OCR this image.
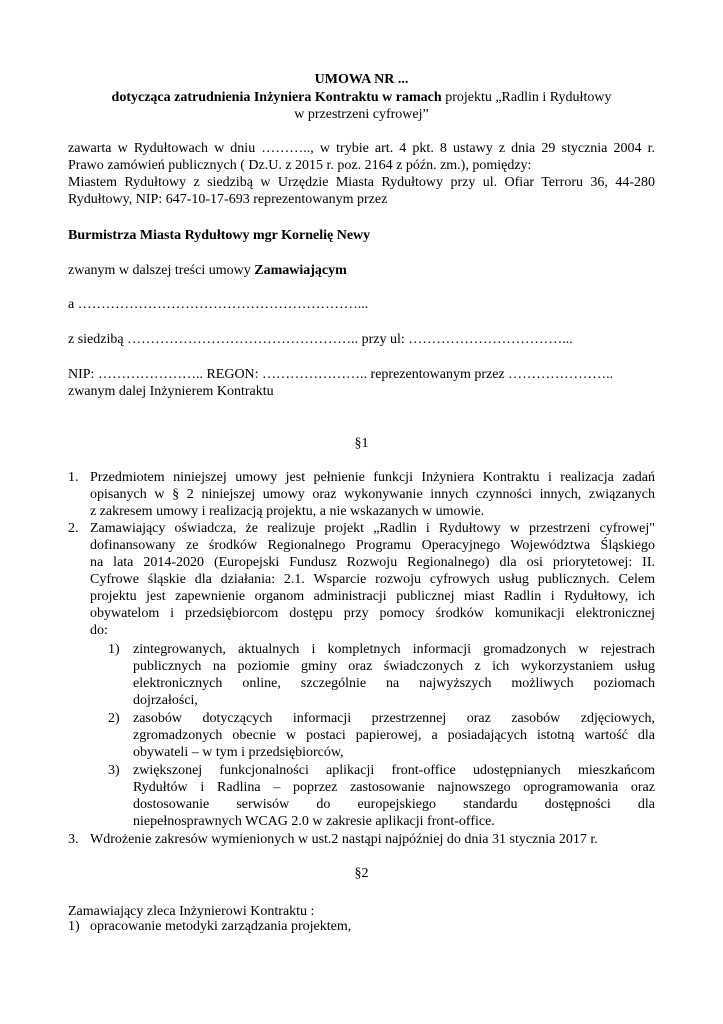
UMOWA NR ...
dotycząca zatrudnienia Inżyniera Kontraktu w ramach projektu „Radlin i Rydułtowy
w przestrzeni cyfrowej”
zawarta w Rydułtowach w dniu ……….., w trybie art. 4 pkt. 8 ustawy z dnia 29 stycznia 2004 r.
Prawo zamówień publicznych ( Dz.U. z 2015 r. poz. 2164 z późn. zm.), pomiędzy:
Miastem Rydułtowy z siedzibą w Urzędzie Miasta Rydułtowy przy ul. Ofiar Terroru 36, 44-280
Rydułtowy, NIP: 647-10-17-693 reprezentowanym przez
Burmistrza Miasta Rydułtowy mgr Kornelię Newy
zwanym w dalszej treści umowy Zamawiającym
a ……………………………………………………...
z siedzibą ………………………………………….. przy ul: ……………………………...
NIP: ………………….. REGON: ………………….. reprezentowanym przez …………………..
zwanym dalej Inżynierem Kontraktu
§1
1. Przedmiotem niniejszej umowy jest pełnienie funkcji Inżyniera Kontraktu i realizacja zadań
opisanych w § 2 niniejszej umowy oraz wykonywanie innych czynności innych, związanych
z zakresem umowy i realizacją projektu, a nie wskazanych w umowie.
2. Zamawiający oświadcza, że realizuje projekt „Radlin i Rydułtowy w przestrzeni cyfrowej"
dofinansowany ze środków Regionalnego Programu Operacyjnego Województwa Śląskiego
na lata 2014-2020 (Europejski Fundusz Rozwoju Regionalnego) dla osi priorytetowej: II.
Cyfrowe śląskie dla działania: 2.1. Wsparcie rozwoju cyfrowych usług publicznych. Celem
projektu jest zapewnienie organom administracji publicznej miast Radlin i Rydułtowy, ich
obywatelom i przedsiębiorcom dostępu przy pomocy środków komunikacji elektronicznej
do:
1) zintegrowanych, aktualnych i kompletnych informacji gromadzonych w rejestrach
publicznych na poziomie gminy oraz świadczonych z ich wykorzystaniem usług
elektronicznych online, szczególnie na najwyższych możliwych poziomach
dojrzałości,
2) zasobów dotyczących informacji przestrzennej oraz zasobów zdjęciowych,
zgromadzonych obecnie w postaci papierowej, a posiadających istotną wartość dla
obywateli – w tym i przedsiębiorców,
3) zwiększonej funkcjonalności aplikacji front-office udostępnianych mieszkańcom
Rydułtów i Radlina – poprzez zastosowanie najnowszego oprogramowania oraz
dostosowanie serwisów do europejskiego standardu dostępności dla
niepełnosprawnych WCAG 2.0 w zakresie aplikacji front-office.
3. Wdrożenie zakresów wymienionych w ust.2 nastąpi najpóźniej do dnia 31 stycznia 2017 r.
§2
Zamawiający zleca Inżynierowi Kontraktu :
1) opracowanie metodyki zarządzania projektem,
